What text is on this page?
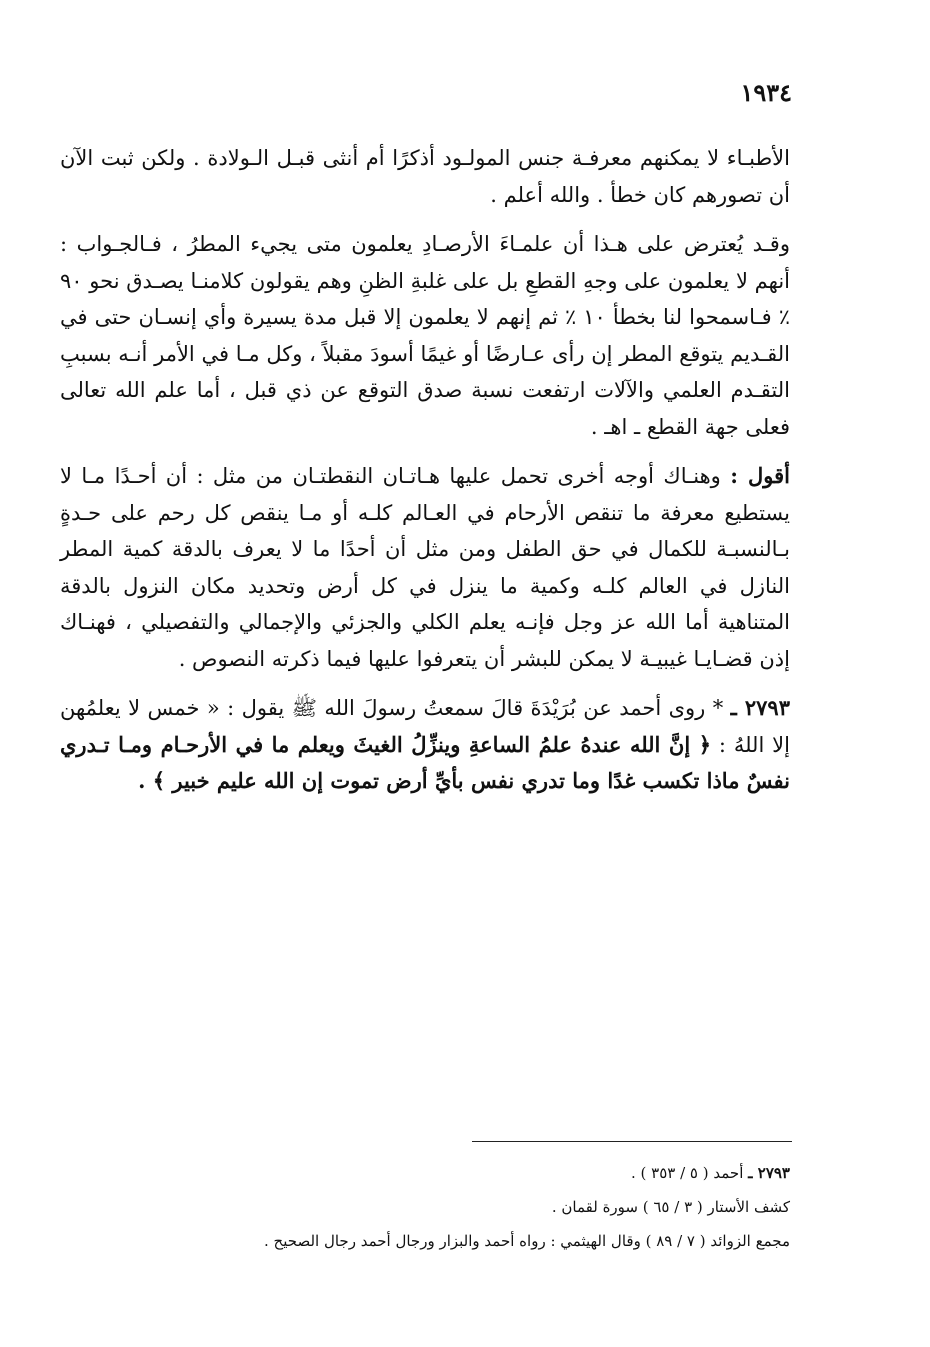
١٩٣٤

الأطبـاء لا يمكنهم معرفـة جنس المولـود أذكرًا أم أنثى قبـل الـولادة . ولكن ثبت الآن أن تصورهم كان خطأ . والله أعلم .

وقـد يُعترض على هـذا أن علمـاءَ الأرصـادِ يعلمون متى يجيء المطرُ ، فـالجـواب : أنهم لا يعلمون على وجهِ القطعِ بل على غلبةِ الظنِ وهم يقولون كلامنـا يصـدق نحو ٩٠ ٪ فـاسمحوا لنا بخطأ ١٠ ٪ ثم إنهم لا يعلمون إلا قبل مدة يسيرة وأي إنسـان حتى في القـديم يتوقع المطر إن رأى عـارضًا أو غيمًا أسودَ مقبلاً ، وكل مـا في الأمر أنـه بسببِ التقـدم العلمي والآلات ارتفعت نسبة صدق التوقع عن ذي قبل ، أما علم الله تعالى فعلى جهة القطع ـ اهـ .

أقول : وهنـاك أوجه أخرى تحمل عليها هـاتـان النقطتـان من مثل : أن أحـدًا مـا لا يستطيع معرفة ما تنقص الأرحام في العـالم كلـه أو مـا ينقص كل رحم على حـدةٍ بـالنسبـة للكمال في حق الطفل ومن مثل أن أحدًا ما لا يعرف بالدقة كمية المطر النازل في العالم كلـه وكمية ما ينزل في كل أرض وتحديد مكان النزول بالدقة المتناهية أما الله عز وجل فإنـه يعلم الكلي والجزئي والإجمالي والتفصيلي ، فهنـاك إذن قضـايـا غيبيـة لا يمكن للبشر أن يتعرفوا عليها فيما ذكرته النصوص .

٢٧٩٣ ـ * روى أحمد عن بُرَيْدَةَ قالَ سمعتُ رسولَ الله ﷺ يقول : « خمس لا يعلمُهن إلا اللهُ : ﴿ إنَّ الله عندهُ علمُ الساعةِ وينزِّلُ الغيثَ ويعلم ما في الأرحـام ومـا تـدري نفسٌ ماذا تكسب غدًا وما تدري نفس بأيِّ أرض تموت إن الله عليم خبير ﴾ .

٢٧٩٣ ـ أحمد ( ٥ / ٣٥٣ ) .

كشف الأستار ( ٣ / ٦٥ ) سورة لقمان .

مجمع الزوائد ( ٧ / ٨٩ ) وقال الهيثمي : رواه أحمد والبزار ورجال أحمد رجال الصحيح .
